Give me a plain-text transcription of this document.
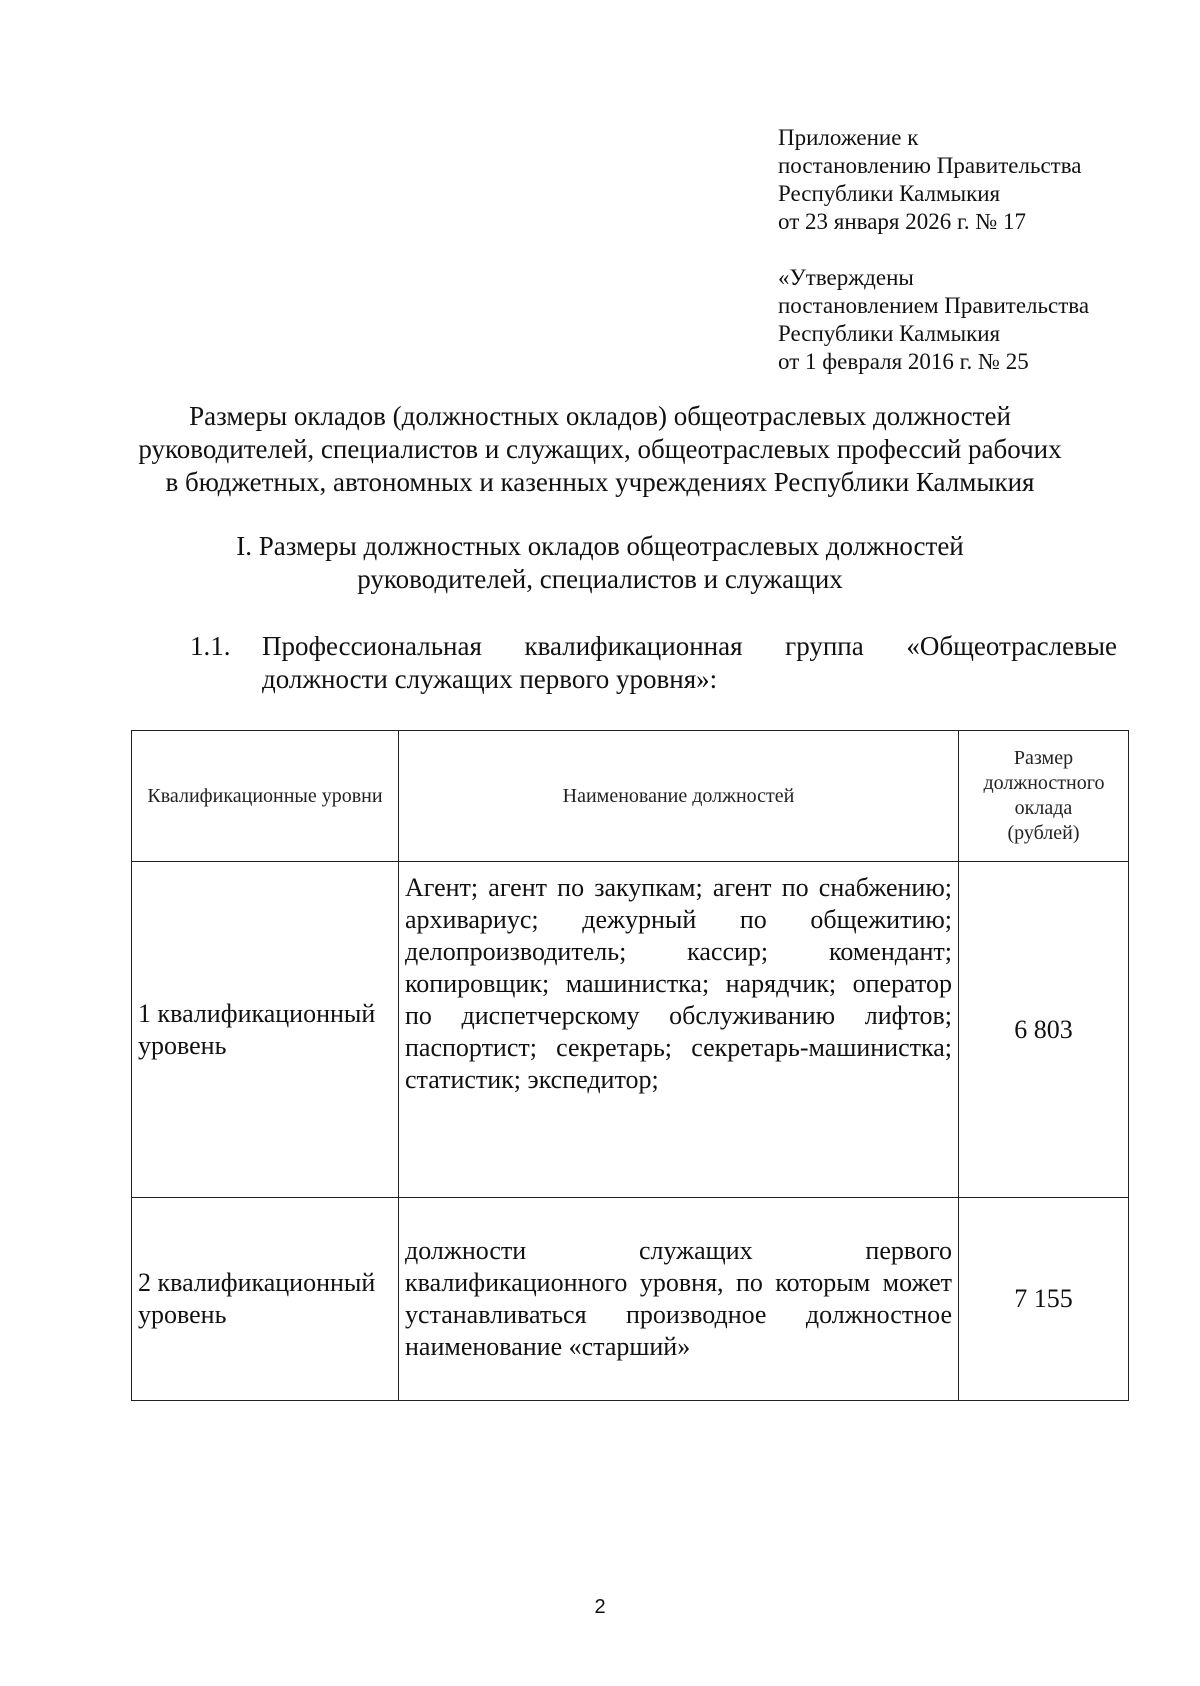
Приложение к
постановлению Правительства
Республики Калмыкия
от 23 января 2026 г. № 17
«Утверждены
постановлением Правительства
Республики Калмыкия
от 1 февраля 2016 г. № 25
Размеры окладов (должностных окладов) общеотраслевых должностей
руководителей, специалистов и служащих, общеотраслевых профессий рабочих
в бюджетных, автономных и казенных учреждениях Республики Калмыкия
I. Размеры должностных окладов общеотраслевых должностей
руководителей, специалистов и служащих
1.1.	Профессиональная квалификационная группа «Общеотраслевые
должности служащих первого уровня»:
Квалификационные уровни	Наименование должностей	Размер должностного оклада (рублей)

1 квалификационный уровень	Агент; агент по закупкам; агент по снабжению; архивариус; дежурный по общежитию; делопроизводитель; кассир; комендант; копировщик; машинистка; нарядчик; оператор по диспетчерскому обслуживанию лифтов; паспортист; секретарь; секретарь-машинистка; статистик; экспедитор;	6 803

2 квалификационный уровень	должности служащих первого квалификационного уровня, по которым может устанавливаться производное должностное наименование «старший»	7 155
2
